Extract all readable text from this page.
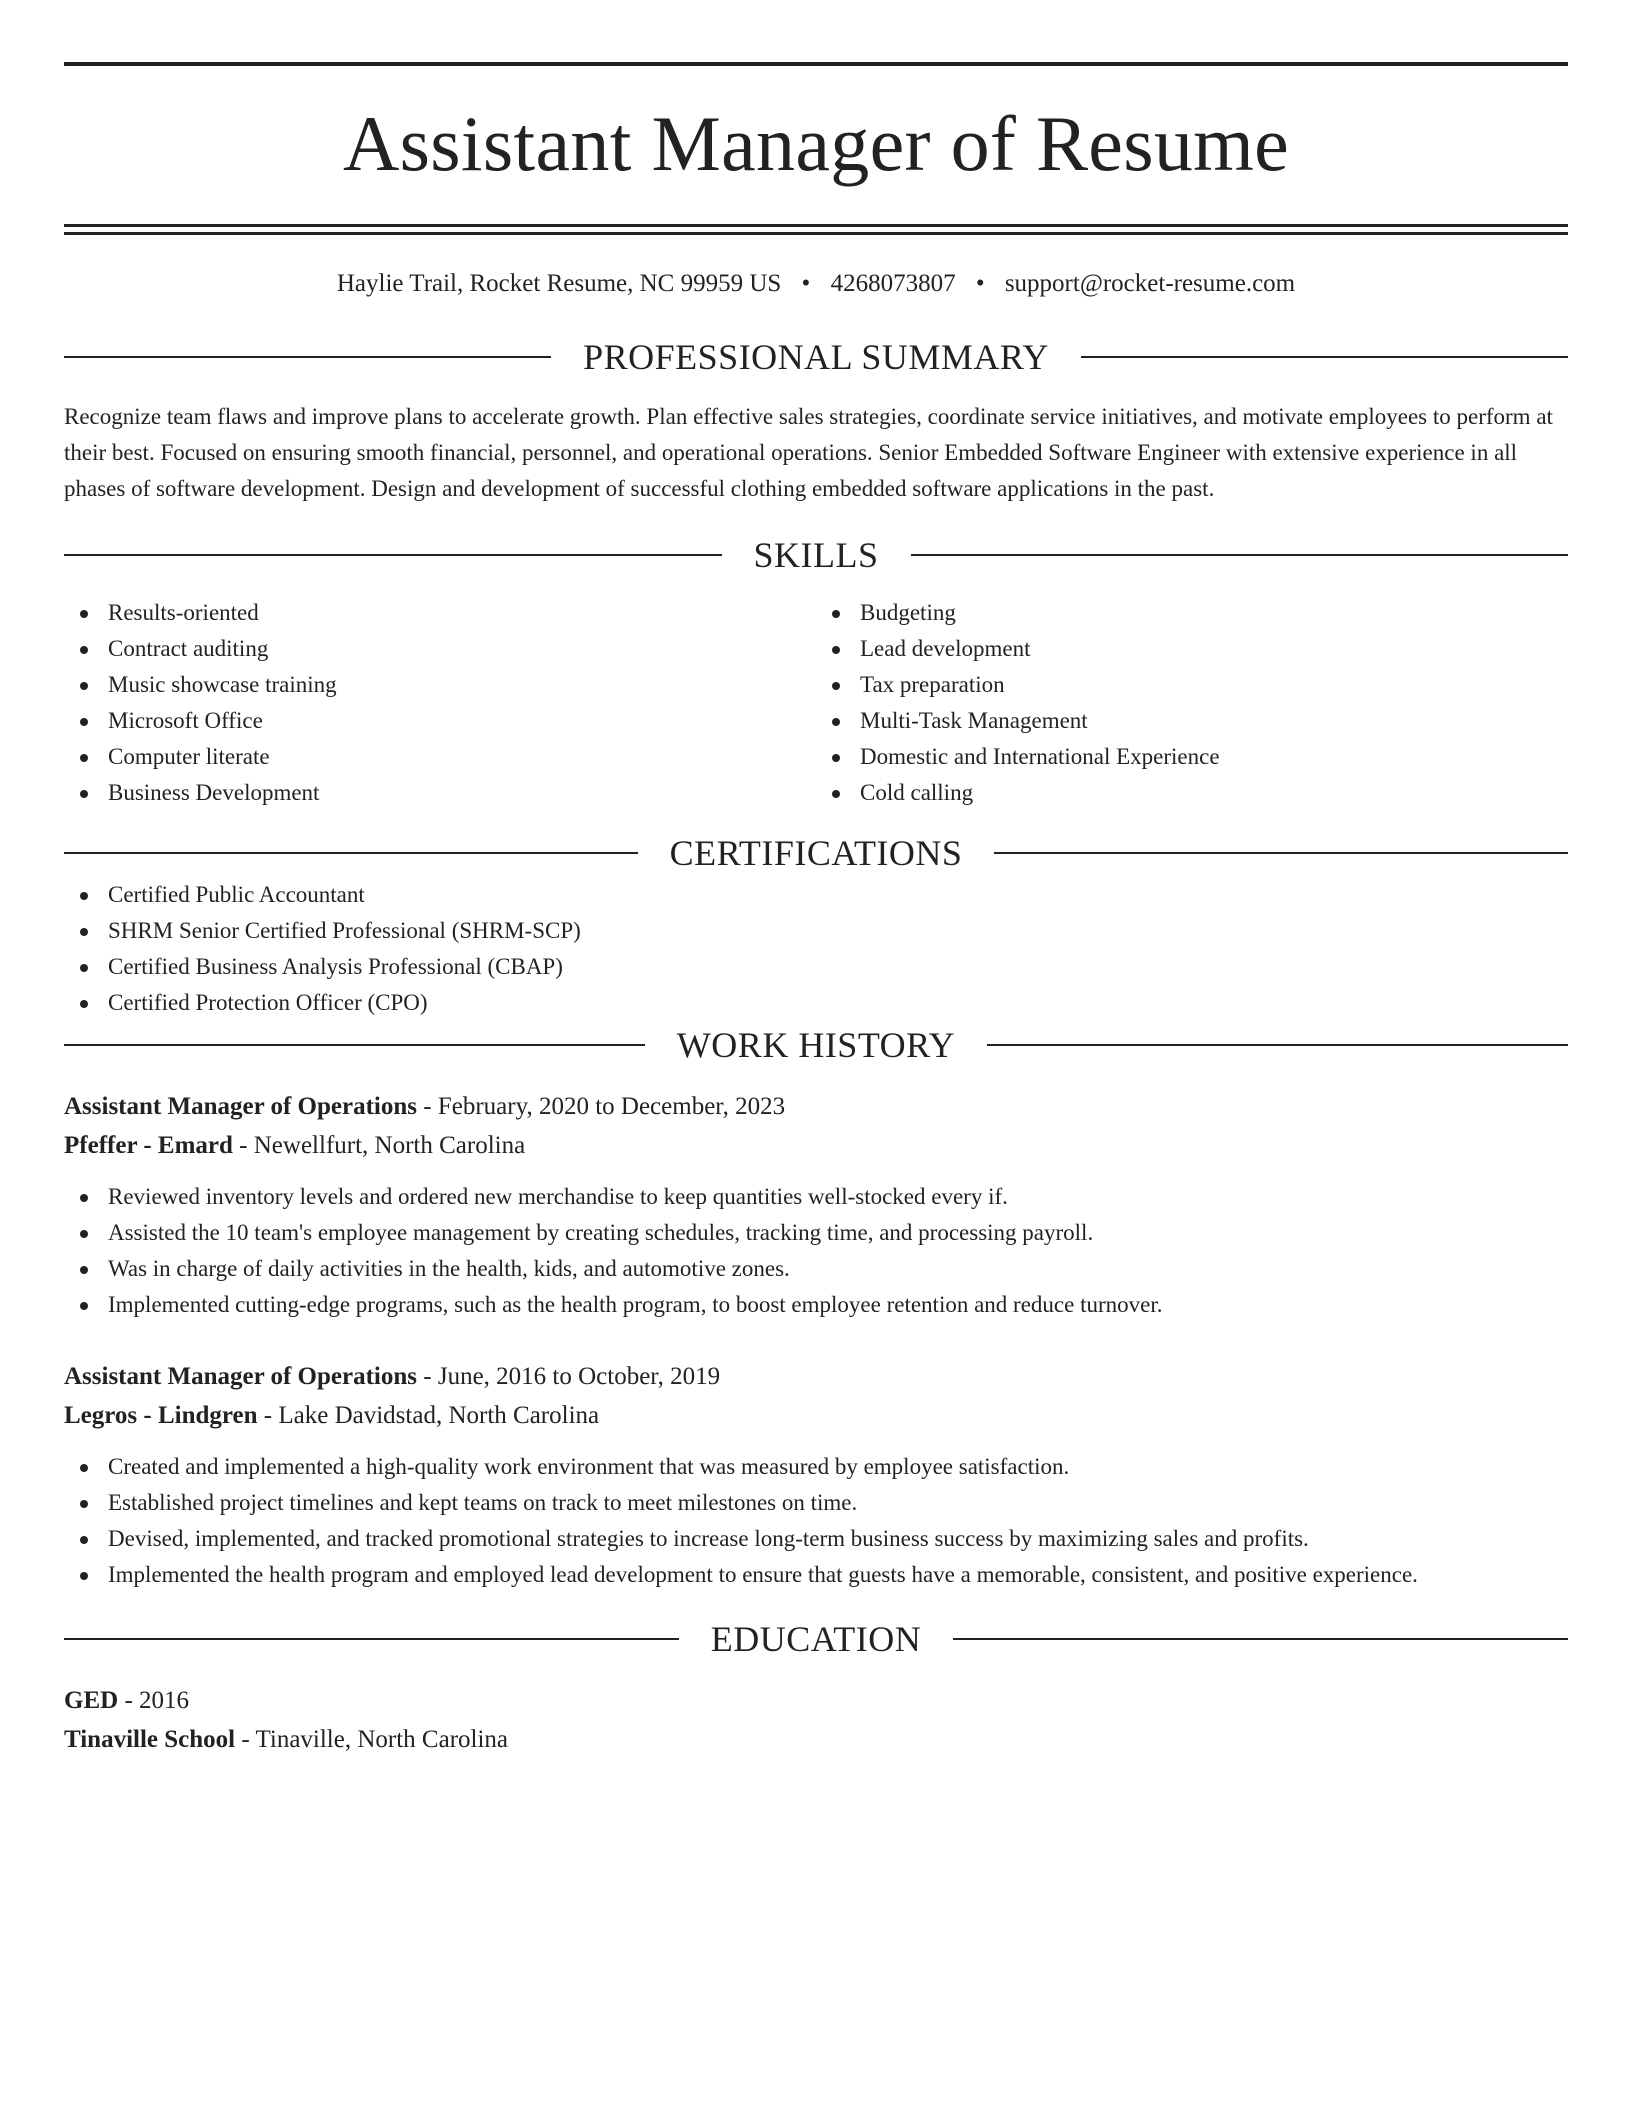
Assistant Manager of Resume
Haylie Trail, Rocket Resume, NC 99959 US • 4268073807 • support@rocket-resume.com
PROFESSIONAL SUMMARY

Recognize team flaws and improve plans to accelerate growth. Plan effective sales strategies, coordinate service initiatives, and motivate employees to perform at their best. Focused on ensuring smooth financial, personnel, and operational operations. Senior Embedded Software Engineer with extensive experience in all phases of software development. Design and development of successful clothing embedded software applications in the past.

SKILLS
Results-oriented
Contract auditing
Music showcase training
Microsoft Office
Computer literate
Business Development
Budgeting
Lead development
Tax preparation
Multi-Task Management
Domestic and International Experience
Cold calling
CERTIFICATIONS
Certified Public Accountant
SHRM Senior Certified Professional (SHRM-SCP)
Certified Business Analysis Professional (CBAP)
Certified Protection Officer (CPO)
WORK HISTORY
Assistant Manager of Operations - February, 2020 to December, 2023
Pfeffer - Emard - Newellfurt, North Carolina
Reviewed inventory levels and ordered new merchandise to keep quantities well-stocked every if.
Assisted the 10 team's employee management by creating schedules, tracking time, and processing payroll.
Was in charge of daily activities in the health, kids, and automotive zones.
Implemented cutting-edge programs, such as the health program, to boost employee retention and reduce turnover.
Assistant Manager of Operations - June, 2016 to October, 2019
Legros - Lindgren - Lake Davidstad, North Carolina
Created and implemented a high-quality work environment that was measured by employee satisfaction.
Established project timelines and kept teams on track to meet milestones on time.
Devised, implemented, and tracked promotional strategies to increase long-term business success by maximizing sales and profits.
Implemented the health program and employed lead development to ensure that guests have a memorable, consistent, and positive experience.
EDUCATION
GED - 2016
Tinaville School - Tinaville, North Carolina
